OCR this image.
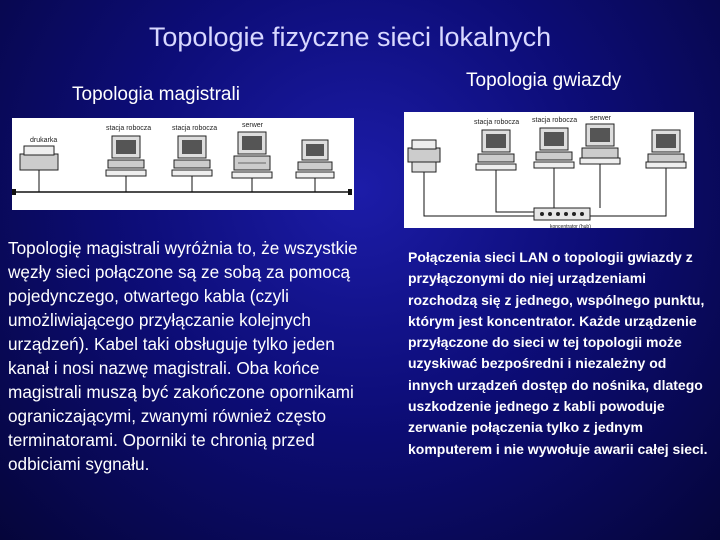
Topologie fizyczne sieci lokalnych
Topologia magistrali
Topologia gwiazdy
drukarka
stacja robocza	stacja robocza	serwer	stacja robocza stacja robocza serwer
koncentrator (hub)
Topologię magistrali wyróżnia to, że wszystkie węzły sieci połączone są ze sobą za pomocą pojedynczego, otwartego kabla (czyli umożliwiającego przyłączanie kolejnych urządzeń). Kabel taki obsługuje tylko jeden kanał i nosi nazwę magistrali. Oba końce magistrali muszą być zakończone opornikami ograniczającymi, zwanymi również często terminatorami. Oporniki te chronią przed odbiciami sygnału.
Połączenia sieci LAN o topologii gwiazdy z przyłączonymi do niej urządzeniami rozchodzą się z jednego, wspólnego punktu, którym jest koncentrator. Każde urządzenie przyłączone do sieci w tej topologii może uzyskiwać bezpośredni i niezależny od innych urządzeń dostęp do nośnika, dlatego uszkodzenie jednego z kabli powoduje zerwanie połączenia tylko z jednym komputerem i nie wywołuje awarii całej sieci.
